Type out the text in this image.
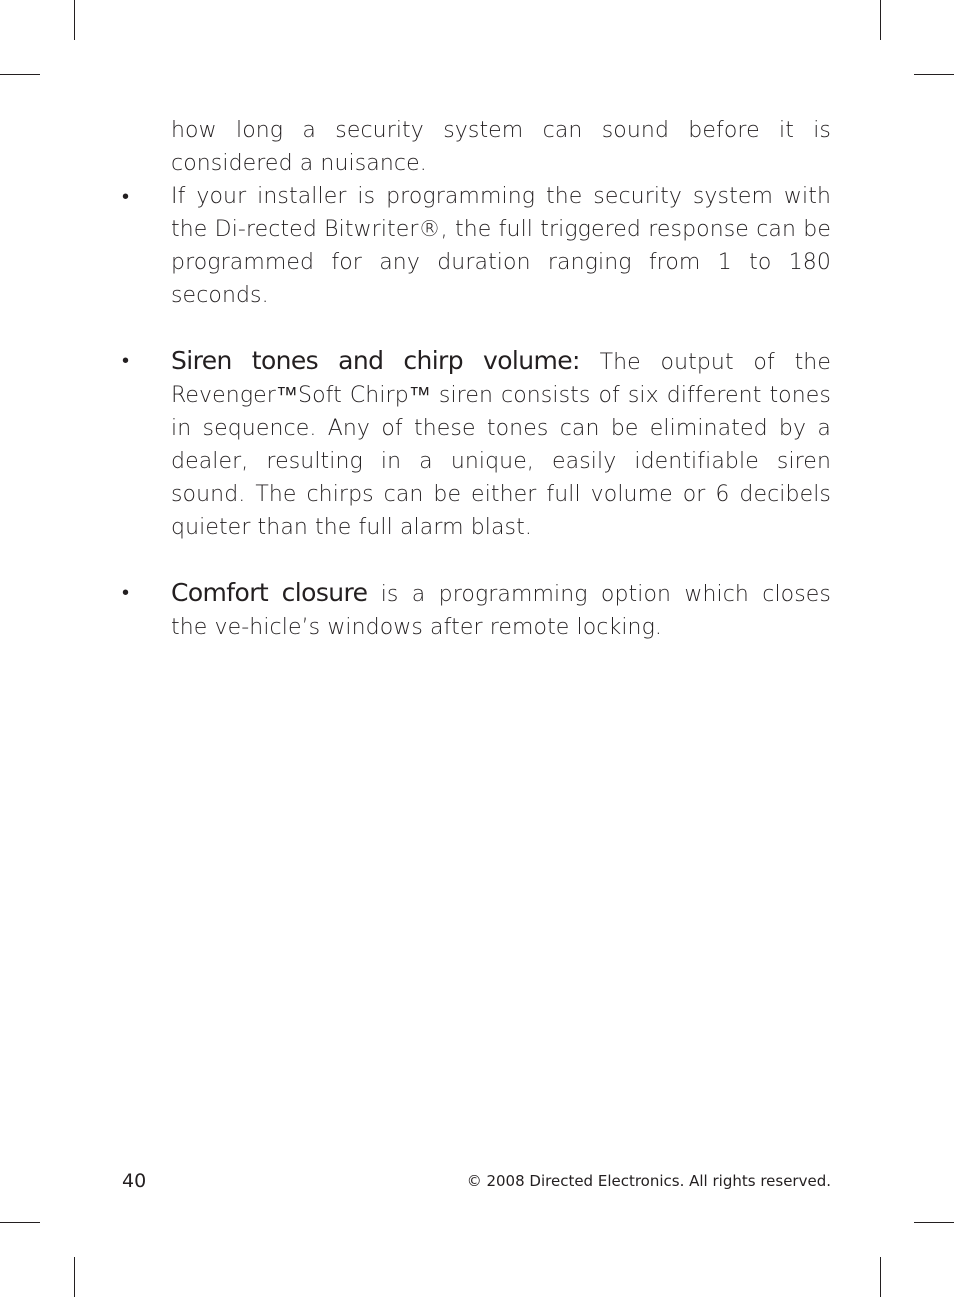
how long a security system can sound before it is considered a nuisance.

• If your installer is programming the security system with the Di-rected Bitwriter®, the full triggered response can be programmed for any duration ranging from 1 to 180 seconds.
• Siren tones and chirp volume: The output of the Revenger™Soft Chirp™ siren consists of six different tones in sequence. Any of these tones can be eliminated by a dealer, resulting in a unique, easily identifiable siren sound. The chirps can be either full volume or 6 decibels quieter than the full alarm blast.
• Comfort closure is a programming option which closes the ve-hicle’s windows after remote locking.
40	© 2008 Directed Electronics. All rights reserved.
